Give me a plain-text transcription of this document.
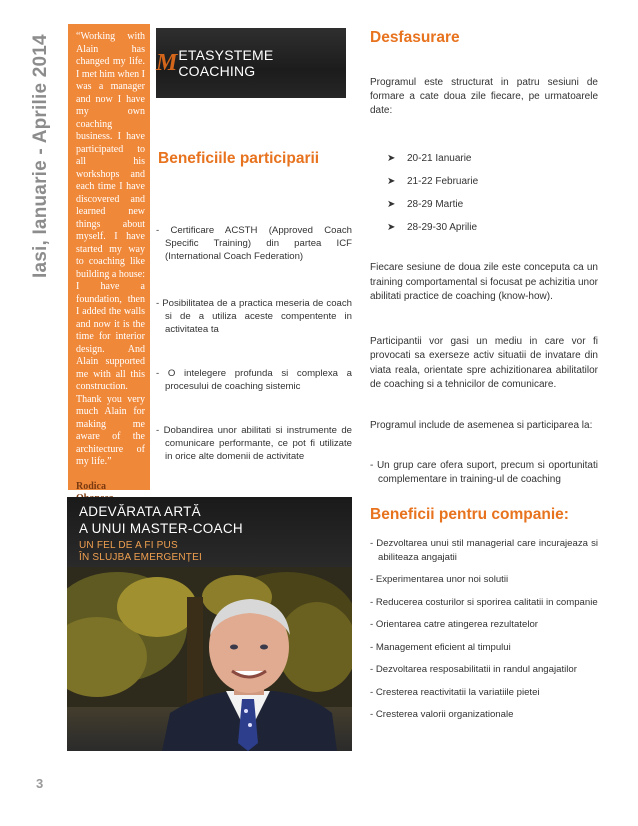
Iasi, Ianuarie - Aprilie 2014	“Working with Alain has changed my life. I met him when I was a manager and now I have my own coaching business. I have participated to all his workshops and each time I have discovered and learned new things about myself. I have started my way to coaching like building a house: I have a foundation, then I added the walls and now it is the time for interior design. And Alain supported me with all this construction. Thank you very much Alain for making me aware of the architecture of my life.”

Rodica

M ETASYSTEME COACHING
Beneficiile participarii
- Certificare ACSTH (Approved Coach Specific Training) din partea ICF (International Coach Federation)
- Posibilitatea de a practica meseria de coach si de a utiliza aceste compentente in activitatea ta
- O intelegere profunda si complexa a procesului de coaching sistemic
- Dobandirea unor abilitati si instrumente de comunicare performante, ce pot fi utilizate in orice alte domenii de activitate
Desfasurare

Programul este structurat in patru sesiuni de formare a cate doua zile fiecare, pe urmatoarele date:

➤	20-21 Ianuarie
➤	21-22 Februarie
➤	28-29 Martie
➤	28-29-30 Aprilie

Fiecare sesiune de doua zile este conceputa ca un training comportamental si focusat pe achizitia unor abilitati practice de coaching (know-how).

Participantii vor gasi un mediu in care vor fi provocati sa exerseze activ situatii de invatare din viata reala, orientate spre achizitionarea abilitatilor de coaching si a tehnicilor de comunicare.

Programul include de asemenea si participarea la:

- Un grup care ofera suport, precum si oportunitati complementare in training-ul de coaching
ADEVĂRATA ARTĂ
A UNUI MASTER-COACH
UN FEL DE A FI PUS
ÎN SLUJBA EMERGENȚEI
Beneficii pentru companie:
- Dezvoltarea unui stil managerial care incurajeaza si abiliteaza angajatii
- Experimentarea unor noi solutii
- Reducerea costurilor si sporirea calitatii in companie
- Orientarea catre atingerea rezultatelor
- Management eficient al timpului
- Dezvoltarea resposabilitatii in randul angajatilor
- Cresterea reactivitatii la variatiile pietei
- Cresterea valorii organizationale
3
